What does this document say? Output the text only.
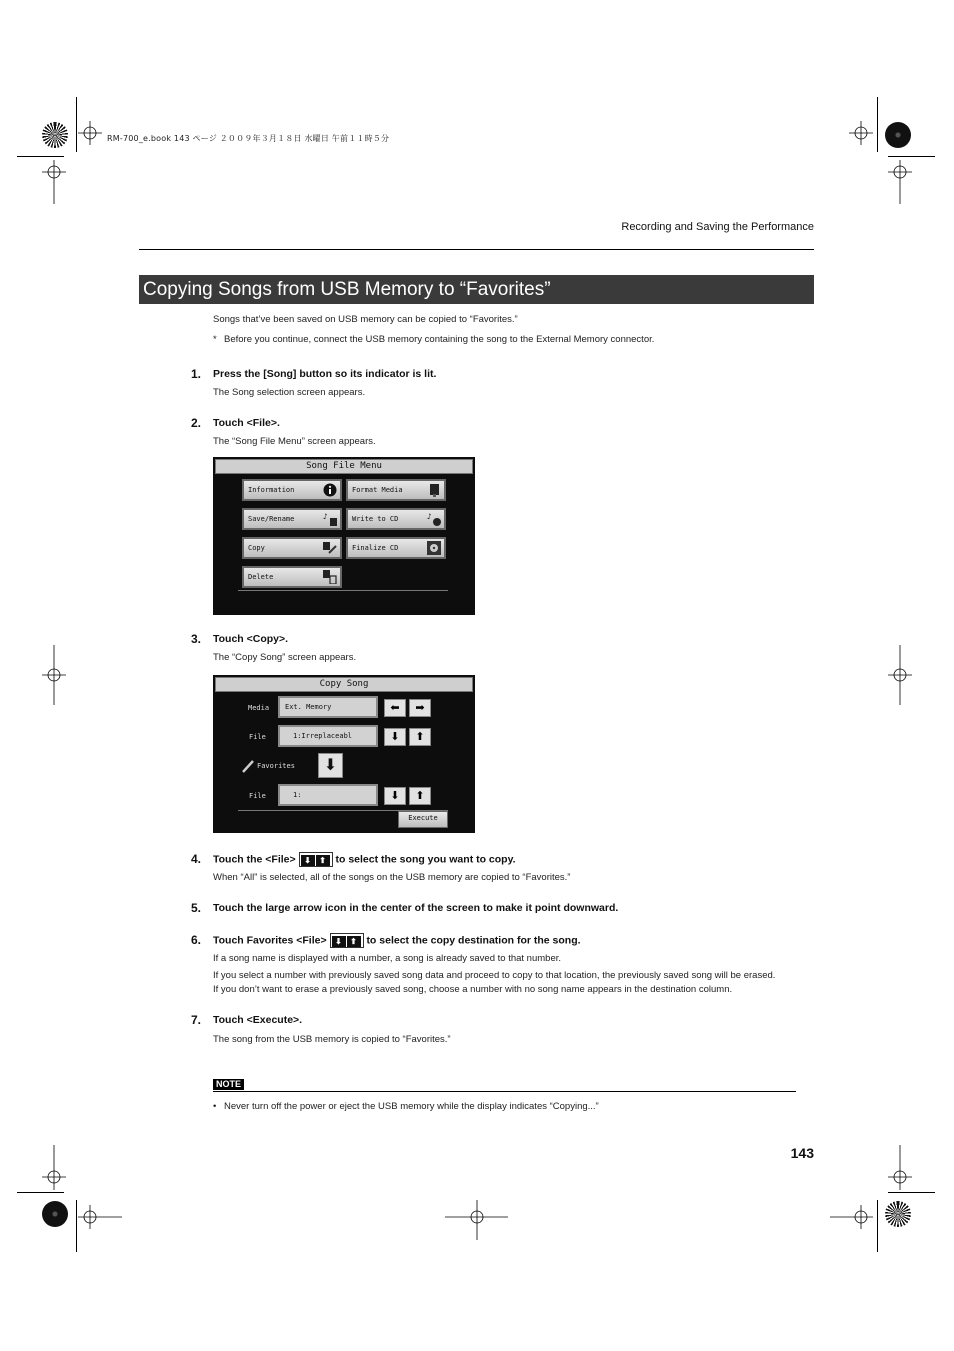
RM-700_e.book 143 ページ ２００９年３月１８日 水曜日 午前１１時５分
Recording and Saving the Performance
Copying Songs from USB Memory to “Favorites”
Songs that’ve been saved on USB memory can be copied to “Favorites.”
* Before you continue, connect the USB memory containing the song to the External Memory connector.
1. Press the [Song] button so its indicator is lit.
The Song selection screen appears.
2. Touch <File>.
The “Song File Menu” screen appears.
Song File Menu
Information	Format Media
Save/Rename	♪	Write to CD	♪
Copy	Finalize CD
Delete
3. Touch <Copy>.
The “Copy Song” screen appears.
Copy Song
Media	Ext. Memory	⬅	➡
File	1:Irreplaceabl	⬇	⬆
Favorites	⬇
File	1:	⬇	⬆
Execute
4. Touch the <File> ⬇ ⬆ to select the song you want to copy.
When “All” is selected, all of the songs on the USB memory are copied to “Favorites.”
5. Touch the large arrow icon in the center of the screen to make it point downward.
6. Touch Favorites <File> ⬇ ⬆ to select the copy destination for the song.
If a song name is displayed with a number, a song is already saved to that number.
If you select a number with previously saved song data and proceed to copy to that location, the previously saved song will be erased.
If you don’t want to erase a previously saved song, choose a number with no song name appears in the destination column.
7. Touch <Execute>.
The song from the USB memory is copied to “Favorites.”
NOTE
• Never turn off the power or eject the USB memory while the display indicates “Copying...”
143
